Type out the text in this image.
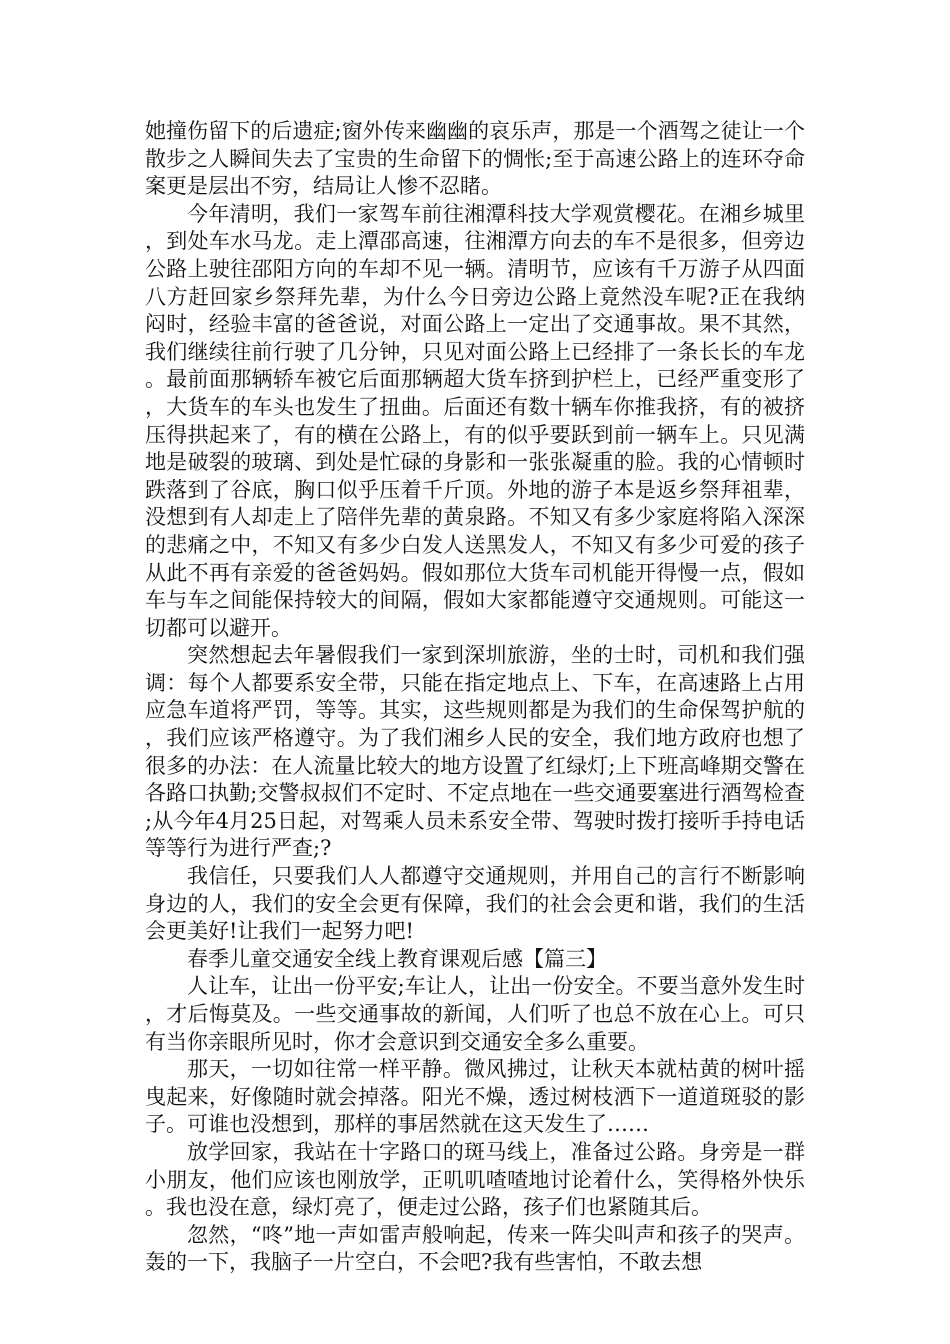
她撞伤留下的后遗症;窗外传来幽幽的哀乐声，那是一个酒驾之徒让一个散步之人瞬间失去了宝贵的生命留下的惆怅;至于高速公路上的连环夺命案更是层出不穷，结局让人惨不忍睹。

今年清明，我们一家驾车前往湘潭科技大学观赏樱花。在湘乡城里，到处车水马龙。走上潭邵高速，往湘潭方向去的车不是很多，但旁边公路上驶往邵阳方向的车却不见一辆。清明节，应该有千万游子从四面八方赶回家乡祭拜先辈，为什么今日旁边公路上竟然没车呢?正在我纳闷时，经验丰富的爸爸说，对面公路上一定出了交通事故。果不其然，我们继续往前行驶了几分钟，只见对面公路上已经排了一条长长的车龙。最前面那辆轿车被它后面那辆超大货车挤到护栏上，已经严重变形了，大货车的车头也发生了扭曲。后面还有数十辆车你推我挤，有的被挤压得拱起来了，有的横在公路上，有的似乎要跃到前一辆车上。只见满地是破裂的玻璃、到处是忙碌的身影和一张张凝重的脸。我的心情顿时跌落到了谷底，胸口似乎压着千斤顶。外地的游子本是返乡祭拜祖辈，没想到有人却走上了陪伴先辈的黄泉路。不知又有多少家庭将陷入深深的悲痛之中，不知又有多少白发人送黑发人，不知又有多少可爱的孩子从此不再有亲爱的爸爸妈妈。假如那位大货车司机能开得慢一点，假如车与车之间能保持较大的间隔，假如大家都能遵守交通规则。可能这一切都可以避开。

突然想起去年暑假我们一家到深圳旅游，坐的士时，司机和我们强调：每个人都要系安全带，只能在指定地点上、下车，在高速路上占用应急车道将严罚，等等。其实，这些规则都是为我们的生命保驾护航的，我们应该严格遵守。为了我们湘乡人民的安全，我们地方政府也想了很多的办法：在人流量比较大的地方设置了红绿灯;上下班高峰期交警在各路口执勤;交警叔叔们不定时、不定点地在一些交通要塞进行酒驾检查;从今年4月25日起，对驾乘人员未系安全带、驾驶时拨打接听手持电话等等行为进行严查;?

我信任，只要我们人人都遵守交通规则，并用自己的言行不断影响身边的人，我们的安全会更有保障，我们的社会会更和谐，我们的生活会更美好!让我们一起努力吧!

春季儿童交通安全线上教育课观后感【篇三】

人让车，让出一份平安;车让人，让出一份安全。不要当意外发生时，才后悔莫及。一些交通事故的新闻，人们听了也总不放在心上。可只有当你亲眼所见时，你才会意识到交通安全多么重要。

那天，一切如往常一样平静。微风拂过，让秋天本就枯黄的树叶摇曳起来，好像随时就会掉落。阳光不燥，透过树枝洒下一道道斑驳的影子。可谁也没想到，那样的事居然就在这天发生了……

放学回家，我站在十字路口的斑马线上，准备过公路。身旁是一群小朋友，他们应该也刚放学，正叽叽喳喳地讨论着什么，笑得格外快乐。我也没在意，绿灯亮了，便走过公路，孩子们也紧随其后。

忽然，“咚”地一声如雷声般响起，传来一阵尖叫声和孩子的哭声。轰的一下，我脑子一片空白，不会吧?我有些害怕，不敢去想
